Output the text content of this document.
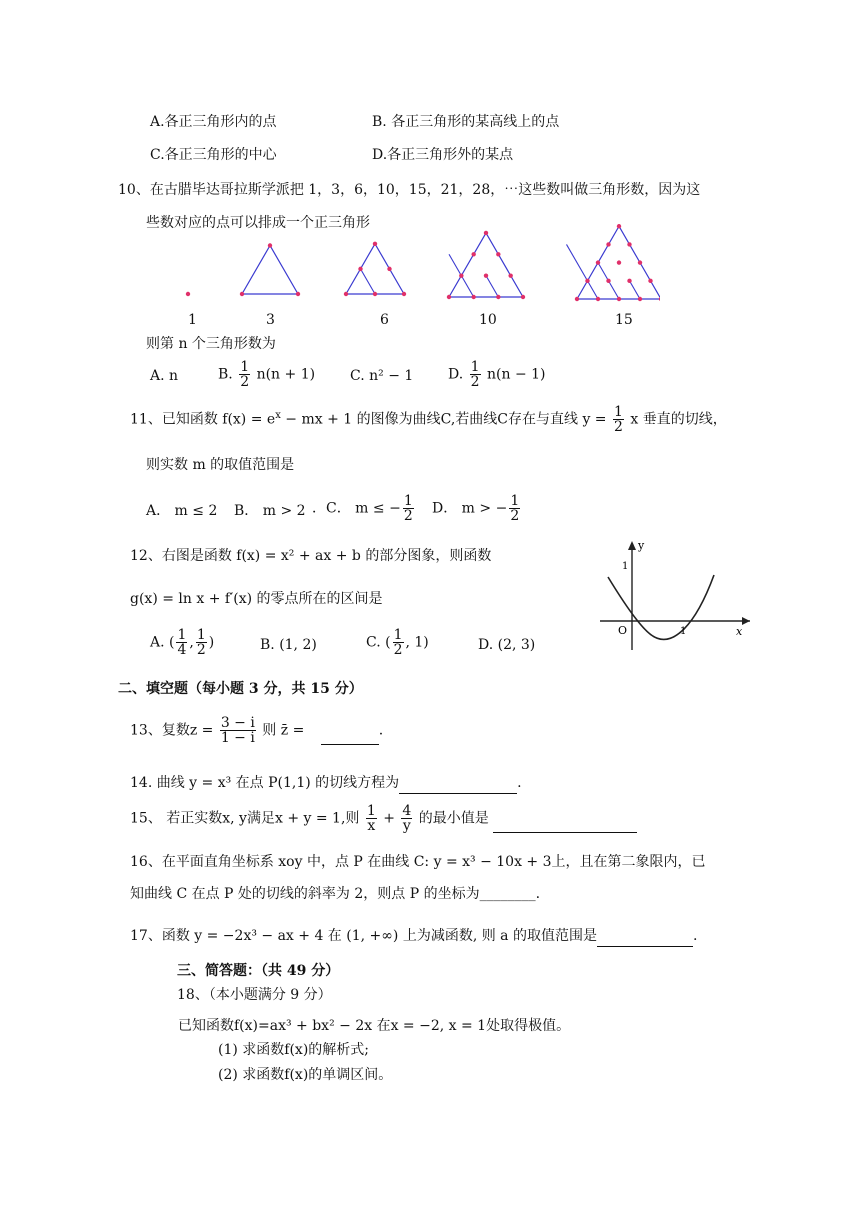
A.各正三角形内的点	B. 各正三角形的某高线上的点
C.各正三角形的中心	D.各正三角形外的某点
10、在古腊毕达哥拉斯学派把 1，3，6，10，15，21，28，⋯这些数叫做三角形数，因为这
些数对应的点可以排成一个正三角形
1	3	6	10	15
则第 n 个三角形数为
A. n	B. $\frac{1}{2} n(n + 1)$ C. n² − 1 D. $\frac{1}{2} n(n - 1)$
11、已知函数 $f(x) = e^x$ − mx + 1 的图像为曲线C,若曲线C存在与直线 $y = \frac{1}{2}$ x 垂直的切线，
则实数 m 的取值范围是
A． m ≤ 2 B． m > 2 ．C． m ≤ − $\frac{1}{2}$ D． m > − $\frac{1}{2}$
12、右图是函数 f(x) = x² + ax + b 的部分图象，则函数
g(x) = ln x + f′(x) 的零点所在的区间是
A. ( $\frac{1}{4}$ , $\frac{1}{2}$ )	B. (1, 2)	C. ( $\frac{1}{2}$ , 1)	D. (2, 3)
y
x
O
1
1
二、填空题（每小题 3 分，共 15 分）
13、复数$z = \frac{3 - i}{1 - i}$ 则 z̄ =	.
14. 曲线 y = x³ 在点 P(1,1) 的切线方程为	.
15、 若正实数x, y满足x + y = 1,则 $\frac{1}{x} + \frac{4}{y}$ 的最小值是
16、在平面直角坐标系 xoy 中，点 P 在曲线 C: y = x³ − 10x + 3上，且在第二象限内，已
知曲线 C 在点 P 处的切线的斜率为 2，则点 P 的坐标为________.
17、函数 y = −2x³ − ax + 4 在 (1, +∞) 上为减函数, 则 a 的取值范围是	.
三、简答题：（共 49 分）
18、（本小题满分 9 分）
已知函数f(x)=ax³ + bx² − 2x 在x = −2, x = 1处取得极值。
(1) 求函数f(x)的解析式;
(2) 求函数f(x)的单调区间。
